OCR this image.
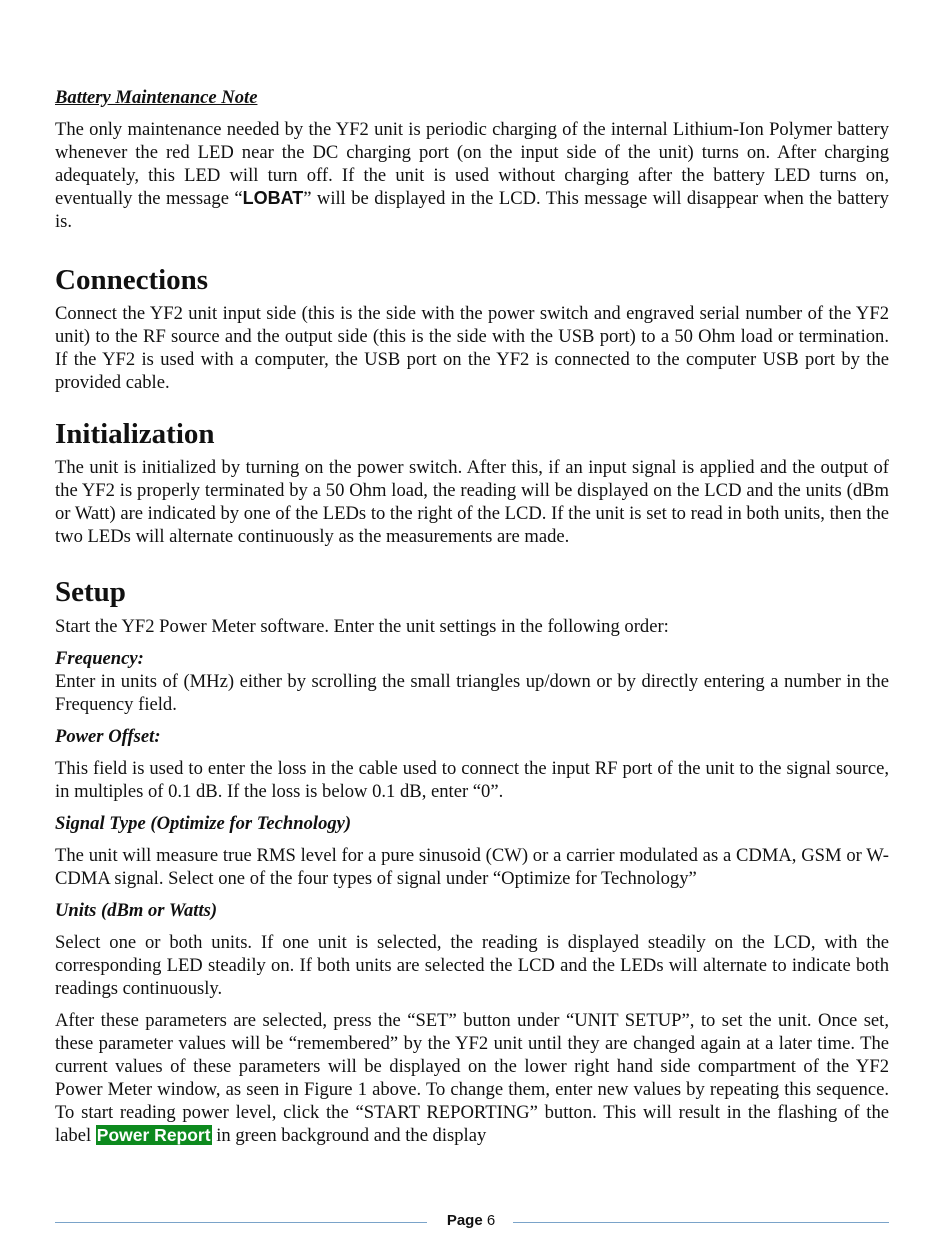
Battery Maintenance Note

The only maintenance needed by the YF2 unit is periodic charging of the internal Lithium-Ion Polymer battery whenever the red LED near the DC charging port (on the input side of the unit) turns on. After charging adequately, this LED will turn off. If the unit is used without charging after the battery LED turns on, eventually the message “LOBAT” will be displayed in the LCD. This message will disappear when the battery is.

Connections

Connect the YF2 unit input side (this is the side with the power switch and engraved serial number of the YF2 unit) to the RF source and the output side (this is the side with the USB port) to a 50 Ohm load or termination. If the YF2 is used with a computer, the USB port on the YF2 is connected to the computer USB port by the provided cable.

Initialization

The unit is initialized by turning on the power switch. After this, if an input signal is applied and the output of the YF2 is properly terminated by a 50 Ohm load, the reading will be displayed on the LCD and the units (dBm or Watt) are indicated by one of the LEDs to the right of the LCD. If the unit is set to read in both units, then the two LEDs will alternate continuously as the measurements are made.

Setup

Start the YF2 Power Meter software. Enter the unit settings in the following order:

Frequency:

Enter in units of (MHz) either by scrolling the small triangles up/down or by directly entering a number in the Frequency field.

Power Offset:

This field is used to enter the loss in the cable used to connect the input RF port of the unit to the signal source, in multiples of 0.1 dB. If the loss is below 0.1 dB, enter “0”.

Signal Type (Optimize for Technology)

The unit will measure true RMS level for a pure sinusoid (CW) or a carrier modulated as a CDMA, GSM or W-CDMA signal. Select one of the four types of signal under “Optimize for Technology”

Units (dBm or Watts)

Select one or both units. If one unit is selected, the reading is displayed steadily on the LCD, with the corresponding LED steadily on. If both units are selected the LCD and the LEDs will alternate to indicate both readings continuously.

After these parameters are selected, press the “SET” button under “UNIT SETUP”, to set the unit. Once set, these parameter values will be “remembered” by the YF2 unit until they are changed again at a later time. The current values of these parameters will be displayed on the lower right hand side compartment of the YF2 Power Meter window, as seen in Figure 1 above. To change them, enter new values by repeating this sequence. To start reading power level, click the “START REPORTING” button. This will result in the flashing of the label Power Report in green background and the display

Page 6
